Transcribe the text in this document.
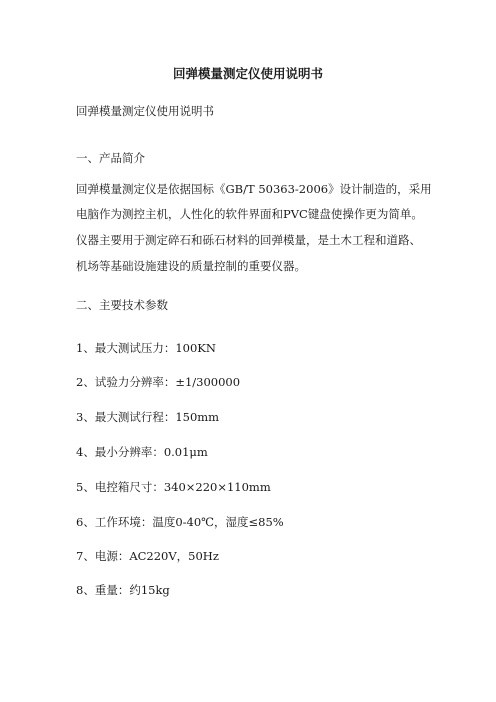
回弹模量测定仪使用说明书
回弹模量测定仪使用说明书
一、产品简介
回弹模量测定仪是依据国标《GB/T 50363-2006》设计制造的，采用
电脑作为测控主机，人性化的软件界面和PVC键盘使操作更为简单。
仪器主要用于测定碎石和砾石材料的回弹模量，是土木工程和道路、
机场等基础设施建设的质量控制的重要仪器。
二、主要技术参数
1、最大测试压力：100KN
2、试验力分辨率：±1/300000
3、最大测试行程：150mm
4、最小分辨率：0.01μm
5、电控箱尺寸：340×220×110mm
6、工作环境：温度0-40℃，湿度≤85%
7、电源：AC220V，50Hz
8、重量：约15kg
